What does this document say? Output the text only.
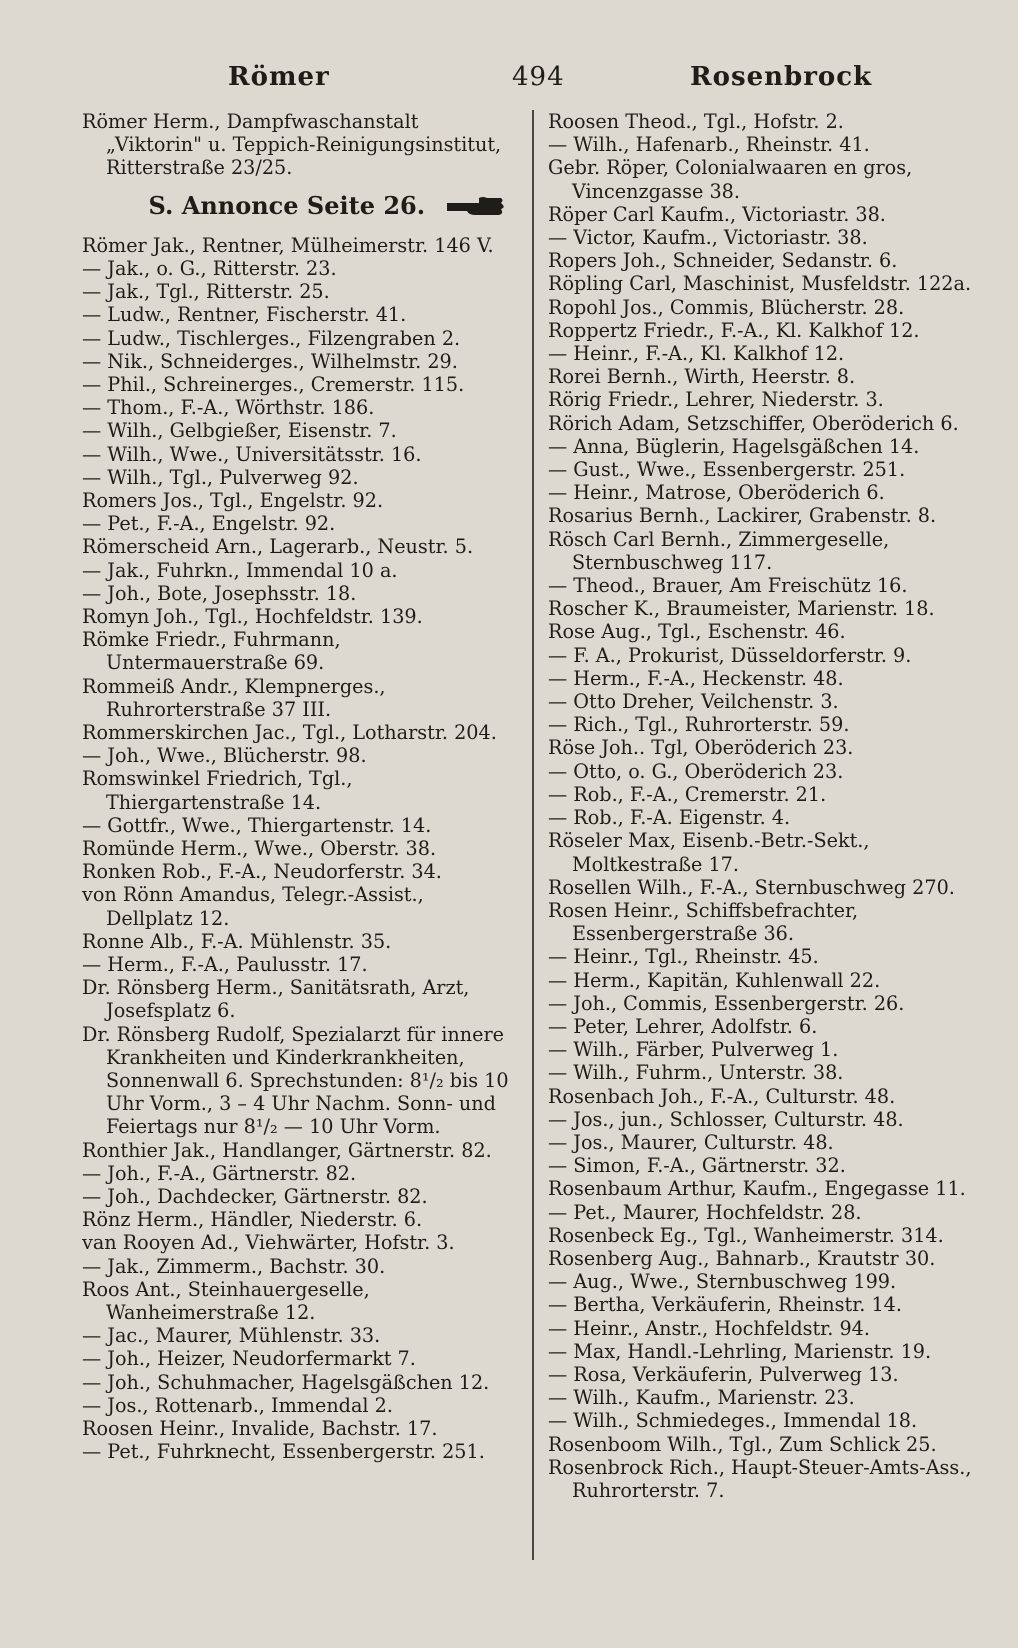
Römer	494	Rosenbrock

Römer Herm., Dampfwaschanstalt „Viktorin" u. Teppich-Reinigungsinstitut, Ritterstraße 23/25.

S. Annonce Seite 26.

Römer Jak., Rentner, Mülheimerstr. 146 V.

— Jak., o. G., Ritterstr. 23.

— Jak., Tgl., Ritterstr. 25.

— Ludw., Rentner, Fischerstr. 41.

— Ludw., Tischlerges., Filzengraben 2.

— Nik., Schneiderges., Wilhelmstr. 29.

— Phil., Schreinerges., Cremerstr. 115.

— Thom., F.-A., Wörthstr. 186.

— Wilh., Gelbgießer, Eisenstr. 7.

— Wilh., Wwe., Universitätsstr. 16.

— Wilh., Tgl., Pulverweg 92.

Romers Jos., Tgl., Engelstr. 92.

— Pet., F.-A., Engelstr. 92.

Römerscheid Arn., Lagerarb., Neustr. 5.

— Jak., Fuhrkn., Immendal 10 a.

— Joh., Bote, Josephsstr. 18.

Romyn Joh., Tgl., Hochfeldstr. 139.

Römke Friedr., Fuhrmann, Untermauerstraße 69.

Rommeiß Andr., Klempnerges., Ruhrorterstraße 37 III.

Rommerskirchen Jac., Tgl., Lotharstr. 204.

— Joh., Wwe., Blücherstr. 98.

Romswinkel Friedrich, Tgl., Thiergartenstraße 14.

— Gottfr., Wwe., Thiergartenstr. 14.

Romünde Herm., Wwe., Oberstr. 38.

Ronken Rob., F.-A., Neudorferstr. 34.

von Rönn Amandus, Telegr.-Assist., Dellplatz 12.

Ronne Alb., F.-A. Mühlenstr. 35.

— Herm., F.-A., Paulusstr. 17.

Dr. Rönsberg Herm., Sanitätsrath, Arzt, Josefsplatz 6.

Dr. Rönsberg Rudolf, Spezialarzt für innere Krankheiten und Kinderkrankheiten, Sonnenwall 6. Sprechstunden: 8¹/₂ bis 10 Uhr Vorm., 3 – 4 Uhr Nachm. Sonn- und Feiertags nur 8¹/₂ — 10 Uhr Vorm.

Ronthier Jak., Handlanger, Gärtnerstr. 82.

— Joh., F.-A., Gärtnerstr. 82.

— Joh., Dachdecker, Gärtnerstr. 82.

Rönz Herm., Händler, Niederstr. 6.

van Rooyen Ad., Viehwärter, Hofstr. 3.

— Jak., Zimmerm., Bachstr. 30.

Roos Ant., Steinhauergeselle, Wanheimerstraße 12.

— Jac., Maurer, Mühlenstr. 33.

— Joh., Heizer, Neudorfermarkt 7.

— Joh., Schuhmacher, Hagelsgäßchen 12.

— Jos., Rottenarb., Immendal 2.

Roosen Heinr., Invalide, Bachstr. 17.

— Pet., Fuhrknecht, Essenbergerstr. 251.

Roosen Theod., Tgl., Hofstr. 2.

— Wilh., Hafenarb., Rheinstr. 41.

Gebr. Röper, Colonialwaaren en gros, Vincenzgasse 38.

Röper Carl Kaufm., Victoriastr. 38.

— Victor, Kaufm., Victoriastr. 38.

Ropers Joh., Schneider, Sedanstr. 6.

Röpling Carl, Maschinist, Musfeldstr. 122a.

Ropohl Jos., Commis, Blücherstr. 28.

Roppertz Friedr., F.-A., Kl. Kalkhof 12.

— Heinr., F.-A., Kl. Kalkhof 12.

Rorei Bernh., Wirth, Heerstr. 8.

Rörig Friedr., Lehrer, Niederstr. 3.

Rörich Adam, Setzschiffer, Oberöderich 6.

— Anna, Büglerin, Hagelsgäßchen 14.

— Gust., Wwe., Essenbergerstr. 251.

— Heinr., Matrose, Oberöderich 6.

Rosarius Bernh., Lackirer, Grabenstr. 8.

Rösch Carl Bernh., Zimmergeselle, Sternbuschweg 117.

— Theod., Brauer, Am Freischütz 16.

Roscher K., Braumeister, Marienstr. 18.

Rose Aug., Tgl., Eschenstr. 46.

— F. A., Prokurist, Düsseldorferstr. 9.

— Herm., F.-A., Heckenstr. 48.

— Otto Dreher, Veilchenstr. 3.

— Rich., Tgl., Ruhrorterstr. 59.

Röse Joh.. Tgl, Oberöderich 23.

— Otto, o. G., Oberöderich 23.

— Rob., F.-A., Cremerstr. 21.

— Rob., F.-A. Eigenstr. 4.

Röseler Max, Eisenb.-Betr.-Sekt., Moltkestraße 17.

Rosellen Wilh., F.-A., Sternbuschweg 270.

Rosen Heinr., Schiffsbefrachter, Essenbergerstraße 36.

— Heinr., Tgl., Rheinstr. 45.

— Herm., Kapitän, Kuhlenwall 22.

— Joh., Commis, Essenbergerstr. 26.

— Peter, Lehrer, Adolfstr. 6.

— Wilh., Färber, Pulverweg 1.

— Wilh., Fuhrm., Unterstr. 38.

Rosenbach Joh., F.-A., Culturstr. 48.

— Jos., jun., Schlosser, Culturstr. 48.

— Jos., Maurer, Culturstr. 48.

— Simon, F.-A., Gärtnerstr. 32.

Rosenbaum Arthur, Kaufm., Engegasse 11.

— Pet., Maurer, Hochfeldstr. 28.

Rosenbeck Eg., Tgl., Wanheimerstr. 314.

Rosenberg Aug., Bahnarb., Krautstr 30.

— Aug., Wwe., Sternbuschweg 199.

— Bertha, Verkäuferin, Rheinstr. 14.

— Heinr., Anstr., Hochfeldstr. 94.

— Max, Handl.-Lehrling, Marienstr. 19.

— Rosa, Verkäuferin, Pulverweg 13.

— Wilh., Kaufm., Marienstr. 23.

— Wilh., Schmiedeges., Immendal 18.

Rosenboom Wilh., Tgl., Zum Schlick 25.

Rosenbrock Rich., Haupt-Steuer-Amts-Ass., Ruhrorterstr. 7.
